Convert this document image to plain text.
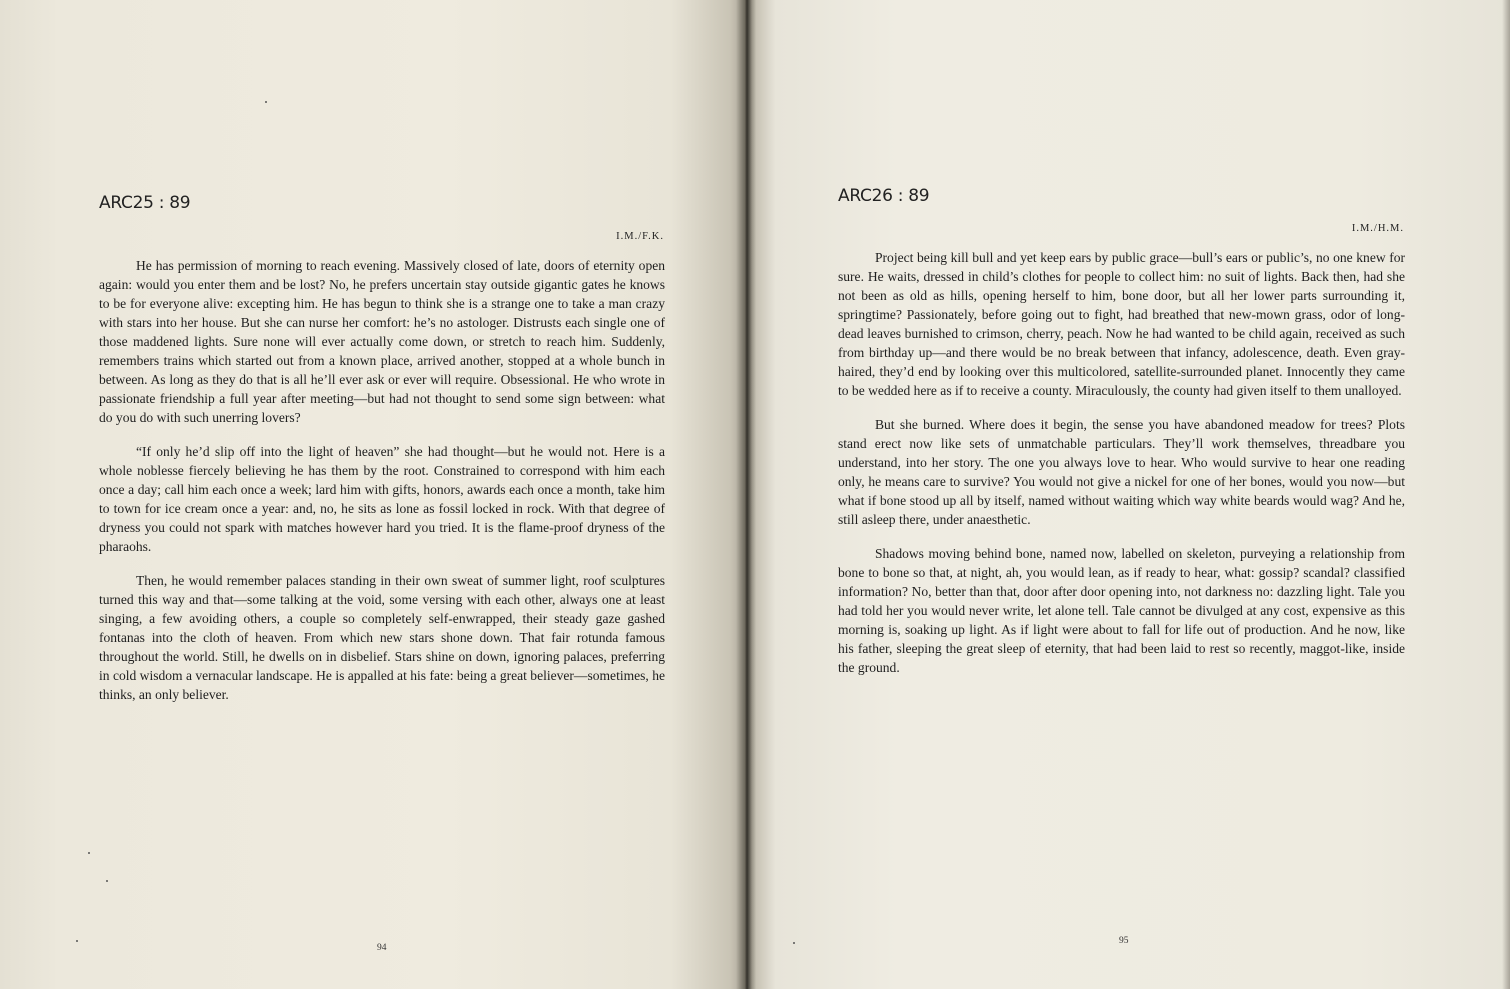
ARC25 : 89
I.M./F.K.

He has permission of morning to reach evening. Massively closed of late, doors of eternity open again: would you enter them and be lost? No, he prefers uncertain stay outside gigantic gates he knows to be for everyone alive: excepting him. He has begun to think she is a strange one to take a man crazy with stars into her house. But she can nurse her comfort: he’s no astologer. Distrusts each single one of those maddened lights. Sure none will ever actually come down, or stretch to reach him. Suddenly, remembers trains which started out from a known place, arrived another, stopped at a whole bunch in between. As long as they do that is all he’ll ever ask or ever will require. Obsessional. He who wrote in passionate friendship a full year after meeting—but had not thought to send some sign between: what do you do with such unerring lovers?

“If only he’d slip off into the light of heaven” she had thought—but he would not. Here is a whole noblesse fiercely believing he has them by the root. Constrained to correspond with him each once a day; call him each once a week; lard him with gifts, honors, awards each once a month, take him to town for ice cream once a year: and, no, he sits as lone as fossil locked in rock. With that degree of dryness you could not spark with matches however hard you tried. It is the flame-proof dryness of the pharaohs.

Then, he would remember palaces standing in their own sweat of summer light, roof sculptures turned this way and that—some talking at the void, some versing with each other, always one at least singing, a few avoiding others, a couple so completely self-enwrapped, their steady gaze gashed fontanas into the cloth of heaven. From which new stars shone down. That fair rotunda famous throughout the world. Still, he dwells on in disbelief. Stars shine on down, ignoring palaces, preferring in cold wisdom a vernacular landscape. He is appalled at his fate: being a great believer—sometimes, he thinks, an only believer.

94
ARC26 : 89
I.M./H.M.

Project being kill bull and yet keep ears by public grace—bull’s ears or public’s, no one knew for sure. He waits, dressed in child’s clothes for people to collect him: no suit of lights. Back then, had she not been as old as hills, opening herself to him, bone door, but all her lower parts surrounding it, springtime? Passionately, before going out to fight, had breathed that new-mown grass, odor of long-dead leaves burnished to crimson, cherry, peach. Now he had wanted to be child again, received as such from birthday up—and there would be no break between that infancy, adolescence, death. Even gray-haired, they’d end by looking over this multicolored, satellite-surrounded planet. Innocently they came to be wedded here as if to receive a county. Miraculously, the county had given itself to them unalloyed.

But she burned. Where does it begin, the sense you have abandoned meadow for trees? Plots stand erect now like sets of unmatchable particulars. They’ll work themselves, threadbare you understand, into her story. The one you always love to hear. Who would survive to hear one reading only, he means care to survive? You would not give a nickel for one of her bones, would you now—but what if bone stood up all by itself, named without waiting which way white beards would wag? And he, still asleep there, under anaesthetic.

Shadows moving behind bone, named now, labelled on skeleton, purveying a relationship from bone to bone so that, at night, ah, you would lean, as if ready to hear, what: gossip? scandal? classified information? No, better than that, door after door opening into, not darkness no: dazzling light. Tale you had told her you would never write, let alone tell. Tale cannot be divulged at any cost, expensive as this morning is, soaking up light. As if light were about to fall for life out of production. And he now, like his father, sleeping the great sleep of eternity, that had been laid to rest so recently, maggot-like, inside the ground.

95
